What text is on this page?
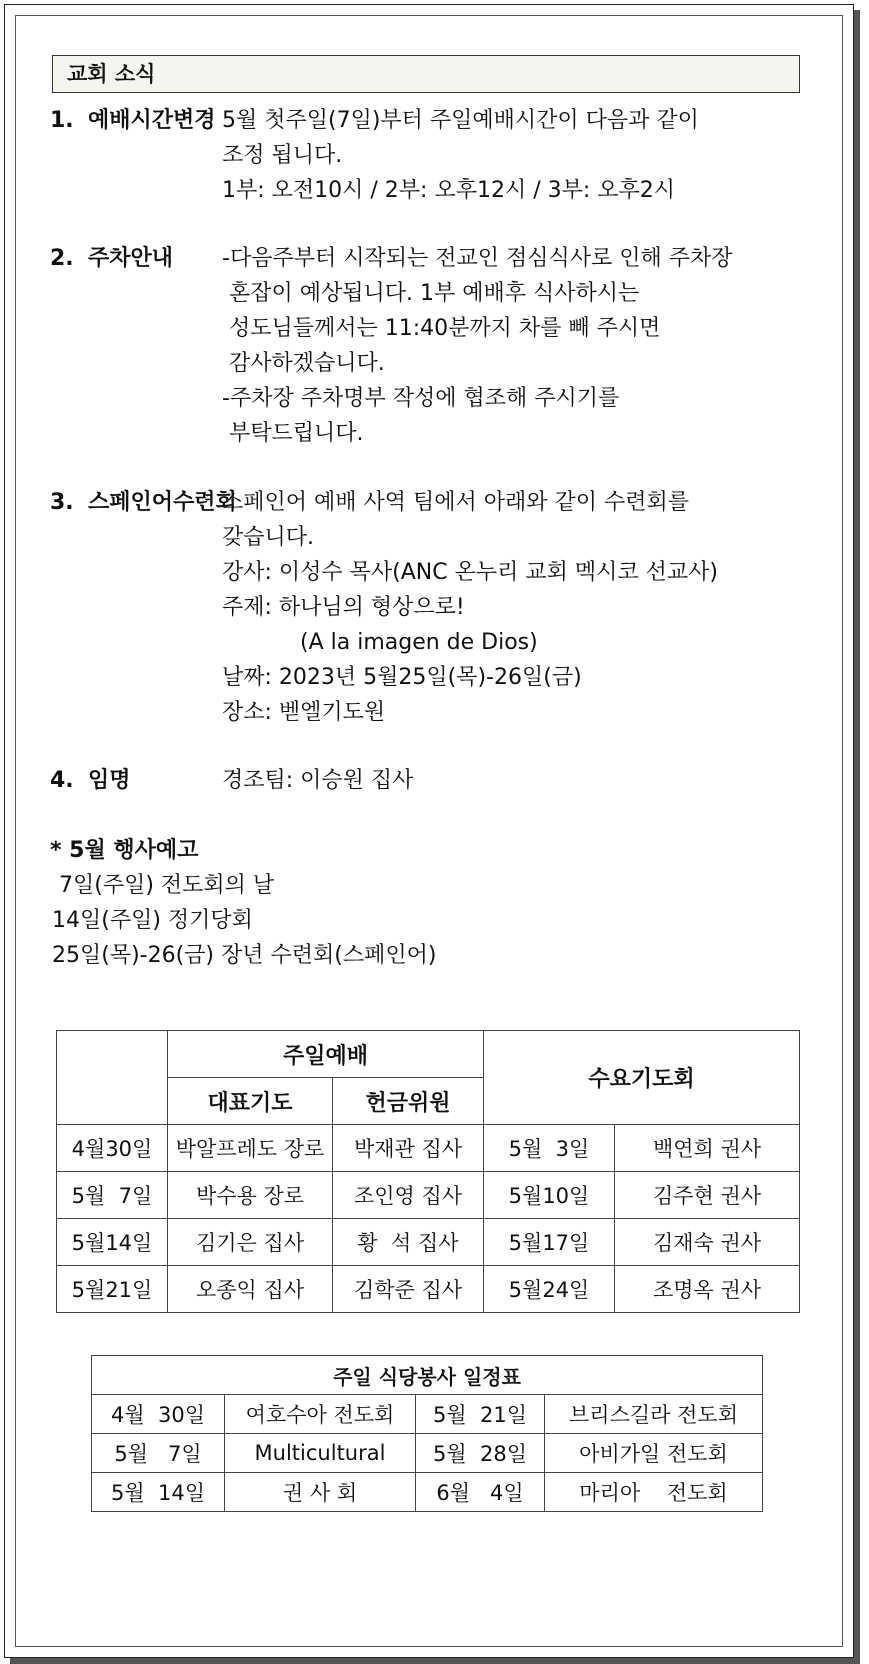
교회 소식
1. 예배시간변경 5월 첫주일(7일)부터 주일예배시간이 다음과 같이
조정 됩니다.
1부: 오전10시 / 2부: 오후12시 / 3부: 오후2시
2. 주차안내 -다음주부터 시작되는 전교인 점심식사로 인해 주차장
혼잡이 예상됩니다. 1부 예배후 식사하시는
성도님들께서는 11:40분까지 차를 빼 주시면
감사하겠습니다.
-주차장 주차명부 작성에 협조해 주시기를
부탁드립니다.
3. 스페인어수련회
스페인어 예배 사역 팀에서 아래와 같이 수련회를
갖습니다.
강사: 이성수 목사(ANC 온누리 교회 멕시코 선교사)
주제: 하나님의 형상으로!
(A la imagen de Dios)
날짜: 2023년 5월25일(목)-26일(금)
장소: 벧엘기도원
4. 임명	경조팀: 이승원 집사
* 5월 행사예고
7일(주일) 전도회의 날
14일(주일) 정기당회
25일(목)-26(금) 장년 수련회(스페인어)
	주일예배		수요기도회	
	대표기도	헌금위원		
4월30일	박알프레도 장로	박재관 집사	5월  3일	백연희 권사
5월  7일	박수용 장로	조인영 집사	5월10일	김주현 권사
5월14일	김기은 집사	황  석 집사	5월17일	김재숙 권사
5월21일	오종익 집사	김학준 집사	5월24일	조명옥 권사
주일 식당봉사 일정표			
4월  30일	여호수아 전도회	5월  21일	브리스길라 전도회
5월   7일	Multicultural	5월  28일	아비가일 전도회
5월  14일	권 사 회	6월   4일	마리아    전도회
